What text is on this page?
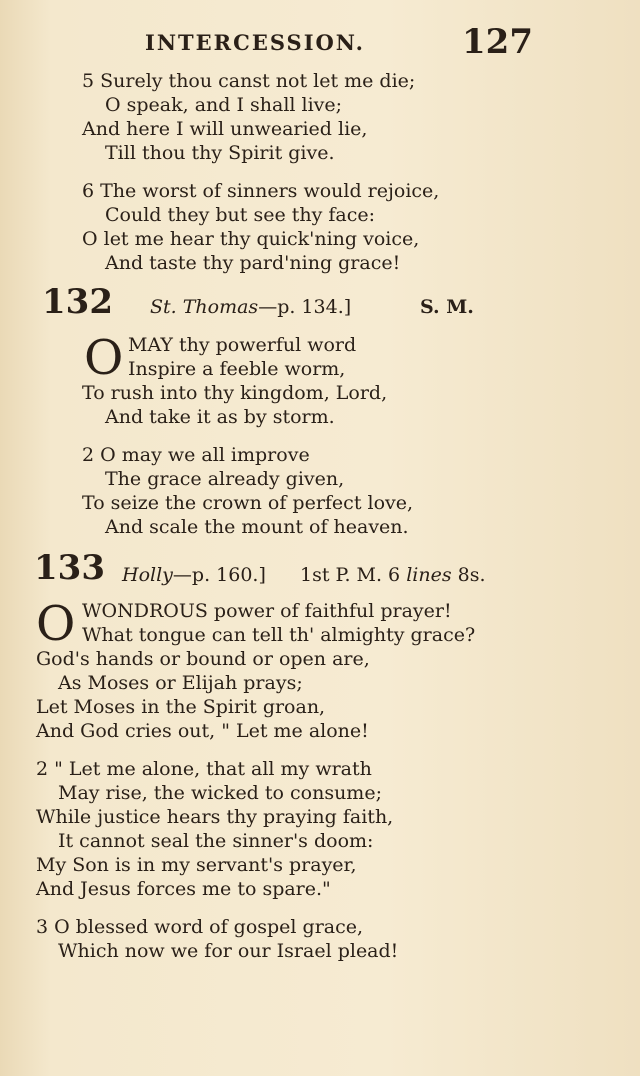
INTERCESSION.	127
5 Surely thou canst not let me die;
O speak, and I shall live;
And here I will unwearied lie,
Till thou thy Spirit give.
6 The worst of sinners would rejoice,
Could they but see thy face:
O let me hear thy quick'ning voice,
And taste thy pard'ning grace!
132 St. Thomas—p. 134.]	S. M.
O MAY thy powerful word
Inspire a feeble worm,
To rush into thy kingdom, Lord,
And take it as by storm.
2 O may we all improve
The grace already given,
To seize the crown of perfect love,
And scale the mount of heaven.
133 Holly—p. 160.] 1st P. M. 6 lines 8s.
O WONDROUS power of faithful prayer!
What tongue can tell th' almighty grace?
God's hands or bound or open are,
As Moses or Elijah prays;
Let Moses in the Spirit groan,
And God cries out, " Let me alone!
2 " Let me alone, that all my wrath
May rise, the wicked to consume;
While justice hears thy praying faith,
It cannot seal the sinner's doom:
My Son is in my servant's prayer,
And Jesus forces me to spare."
3 O blessed word of gospel grace,
Which now we for our Israel plead!
